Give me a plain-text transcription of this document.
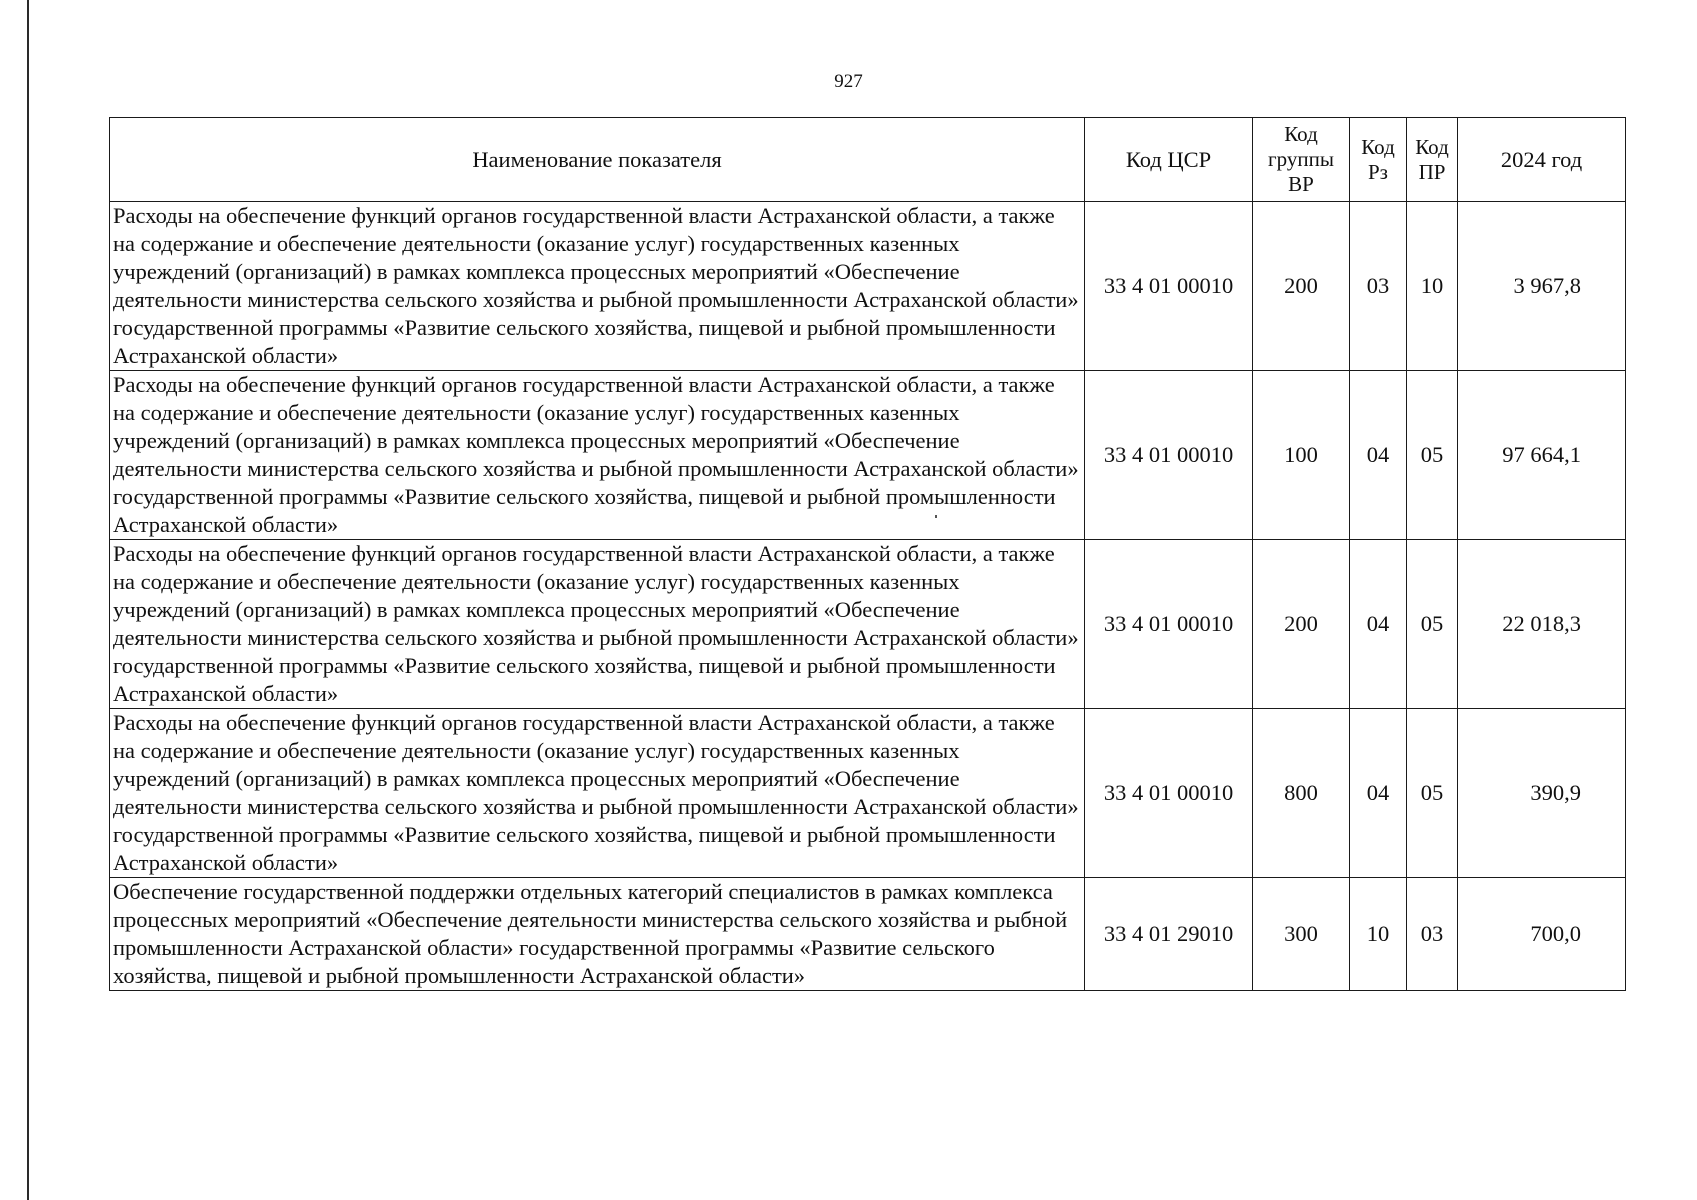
927
Наименование показателя	Код ЦСР	Код группы ВР	Код Рз	Код ПР	2024 год
Расходы на обеспечение функций органов государственной власти Астраханской области, а также на содержание и обеспечение деятельности (оказание услуг) государственных казенных учреждений (организаций) в рамках комплекса процессных мероприятий «Обеспечение деятельности министерства сельского хозяйства и рыбной промышленности Астраханской области» государственной программы «Развитие сельского хозяйства, пищевой и рыбной промышленности Астраханской области»	33 4 01 00010	200	03	10	3 967,8
Расходы на обеспечение функций органов государственной власти Астраханской области, а также на содержание и обеспечение деятельности (оказание услуг) государственных казенных учреждений (организаций) в рамках комплекса процессных мероприятий «Обеспечение деятельности министерства сельского хозяйства и рыбной промышленности Астраханской области» государственной программы «Развитие сельского хозяйства, пищевой и рыбной промышленности Астраханской области»	33 4 01 00010	100	04	05	97 664,1
Расходы на обеспечение функций органов государственной власти Астраханской области, а также на содержание и обеспечение деятельности (оказание услуг) государственных казенных учреждений (организаций) в рамках комплекса процессных мероприятий «Обеспечение деятельности министерства сельского хозяйства и рыбной промышленности Астраханской области» государственной программы «Развитие сельского хозяйства, пищевой и рыбной промышленности Астраханской области»	33 4 01 00010	200	04	05	22 018,3
Расходы на обеспечение функций органов государственной власти Астраханской области, а также на содержание и обеспечение деятельности (оказание услуг) государственных казенных учреждений (организаций) в рамках комплекса процессных мероприятий «Обеспечение деятельности министерства сельского хозяйства и рыбной промышленности Астраханской области» государственной программы «Развитие сельского хозяйства, пищевой и рыбной промышленности Астраханской области»	33 4 01 00010	800	04	05	390,9
Обеспечение государственной поддержки отдельных категорий специалистов в рамках комплекса процессных мероприятий «Обеспечение деятельности министерства сельского хозяйства и рыбной промышленности Астраханской области» государственной программы «Развитие сельского хозяйства, пищевой и рыбной промышленности Астраханской области»	33 4 01 29010	300	10	03	700,0
